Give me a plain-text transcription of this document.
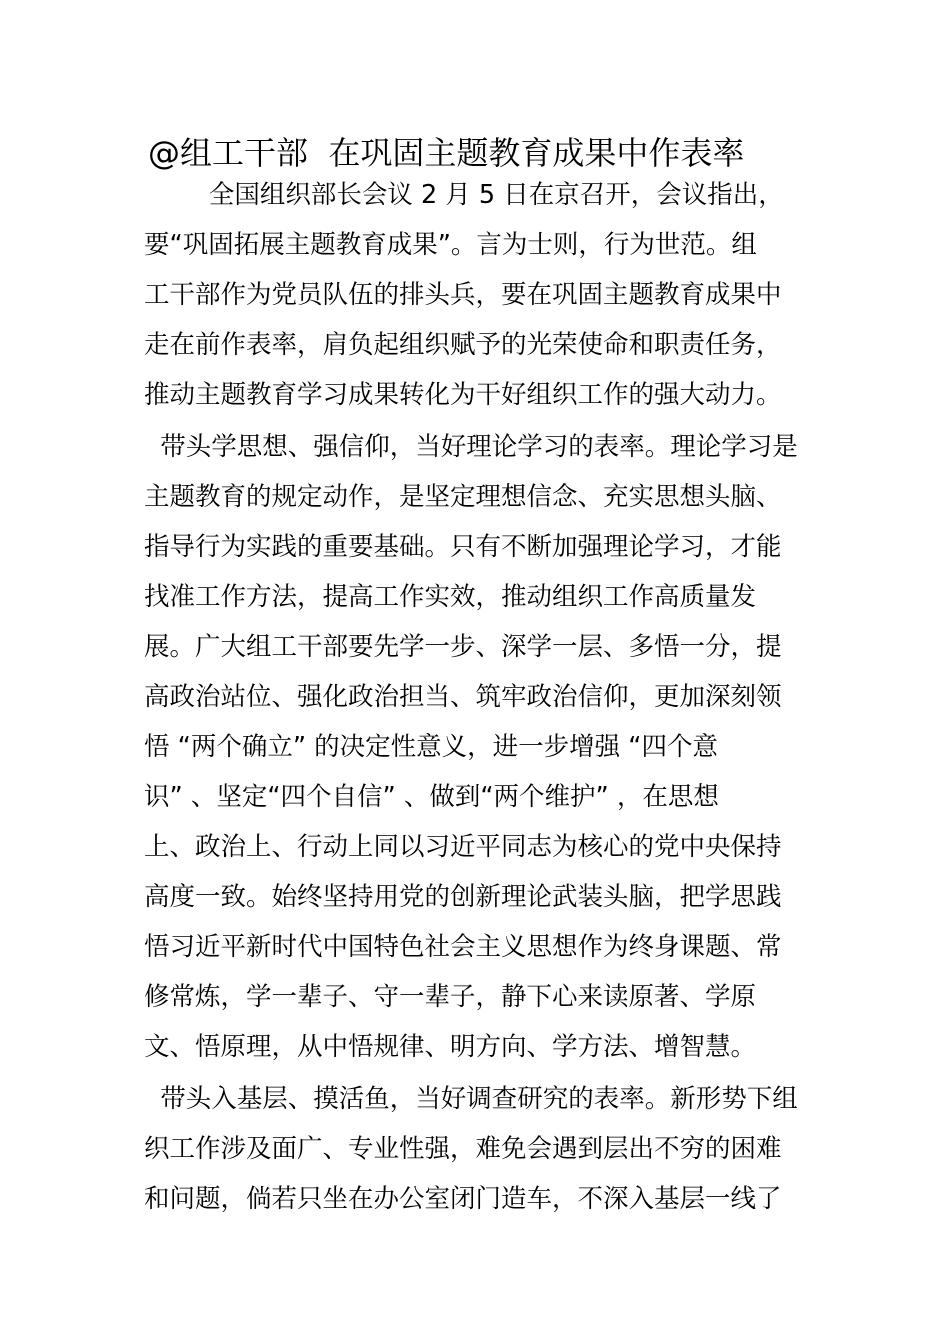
@组工干部  在巩固主题教育成果中作表率
全国组织部长会议 2 月 5 日在京召开，会议指出，
要“巩固拓展主题教育成果”。言为士则，行为世范。组
工干部作为党员队伍的排头兵，要在巩固主题教育成果中
走在前作表率，肩负起组织赋予的光荣使命和职责任务，
推动主题教育学习成果转化为干好组织工作的强大动力。
带头学思想、强信仰，当好理论学习的表率。理论学习是
主题教育的规定动作，是坚定理想信念、充实思想头脑、
指导行为实践的重要基础。只有不断加强理论学习，才能
找准工作方法，提高工作实效，推动组织工作高质量发
展。广大组工干部要先学一步、深学一层、多悟一分，提
高政治站位、强化政治担当、筑牢政治信仰，更加深刻领
悟 “两个确立” 的决定性意义，进一步增强 “四个意
识” 、坚定“四个自信” 、做到“两个维护” ，在思想
上、政治上、行动上同以习近平同志为核心的党中央保持
高度一致。始终坚持用党的创新理论武装头脑，把学思践
悟习近平新时代中国特色社会主义思想作为终身课题、常
修常炼，学一辈子、守一辈子，静下心来读原著、学原
文、悟原理，从中悟规律、明方向、学方法、增智慧。
带头入基层、摸活鱼，当好调查研究的表率。新形势下组
织工作涉及面广、专业性强，难免会遇到层出不穷的困难
和问题，倘若只坐在办公室闭门造车，不深入基层一线了
